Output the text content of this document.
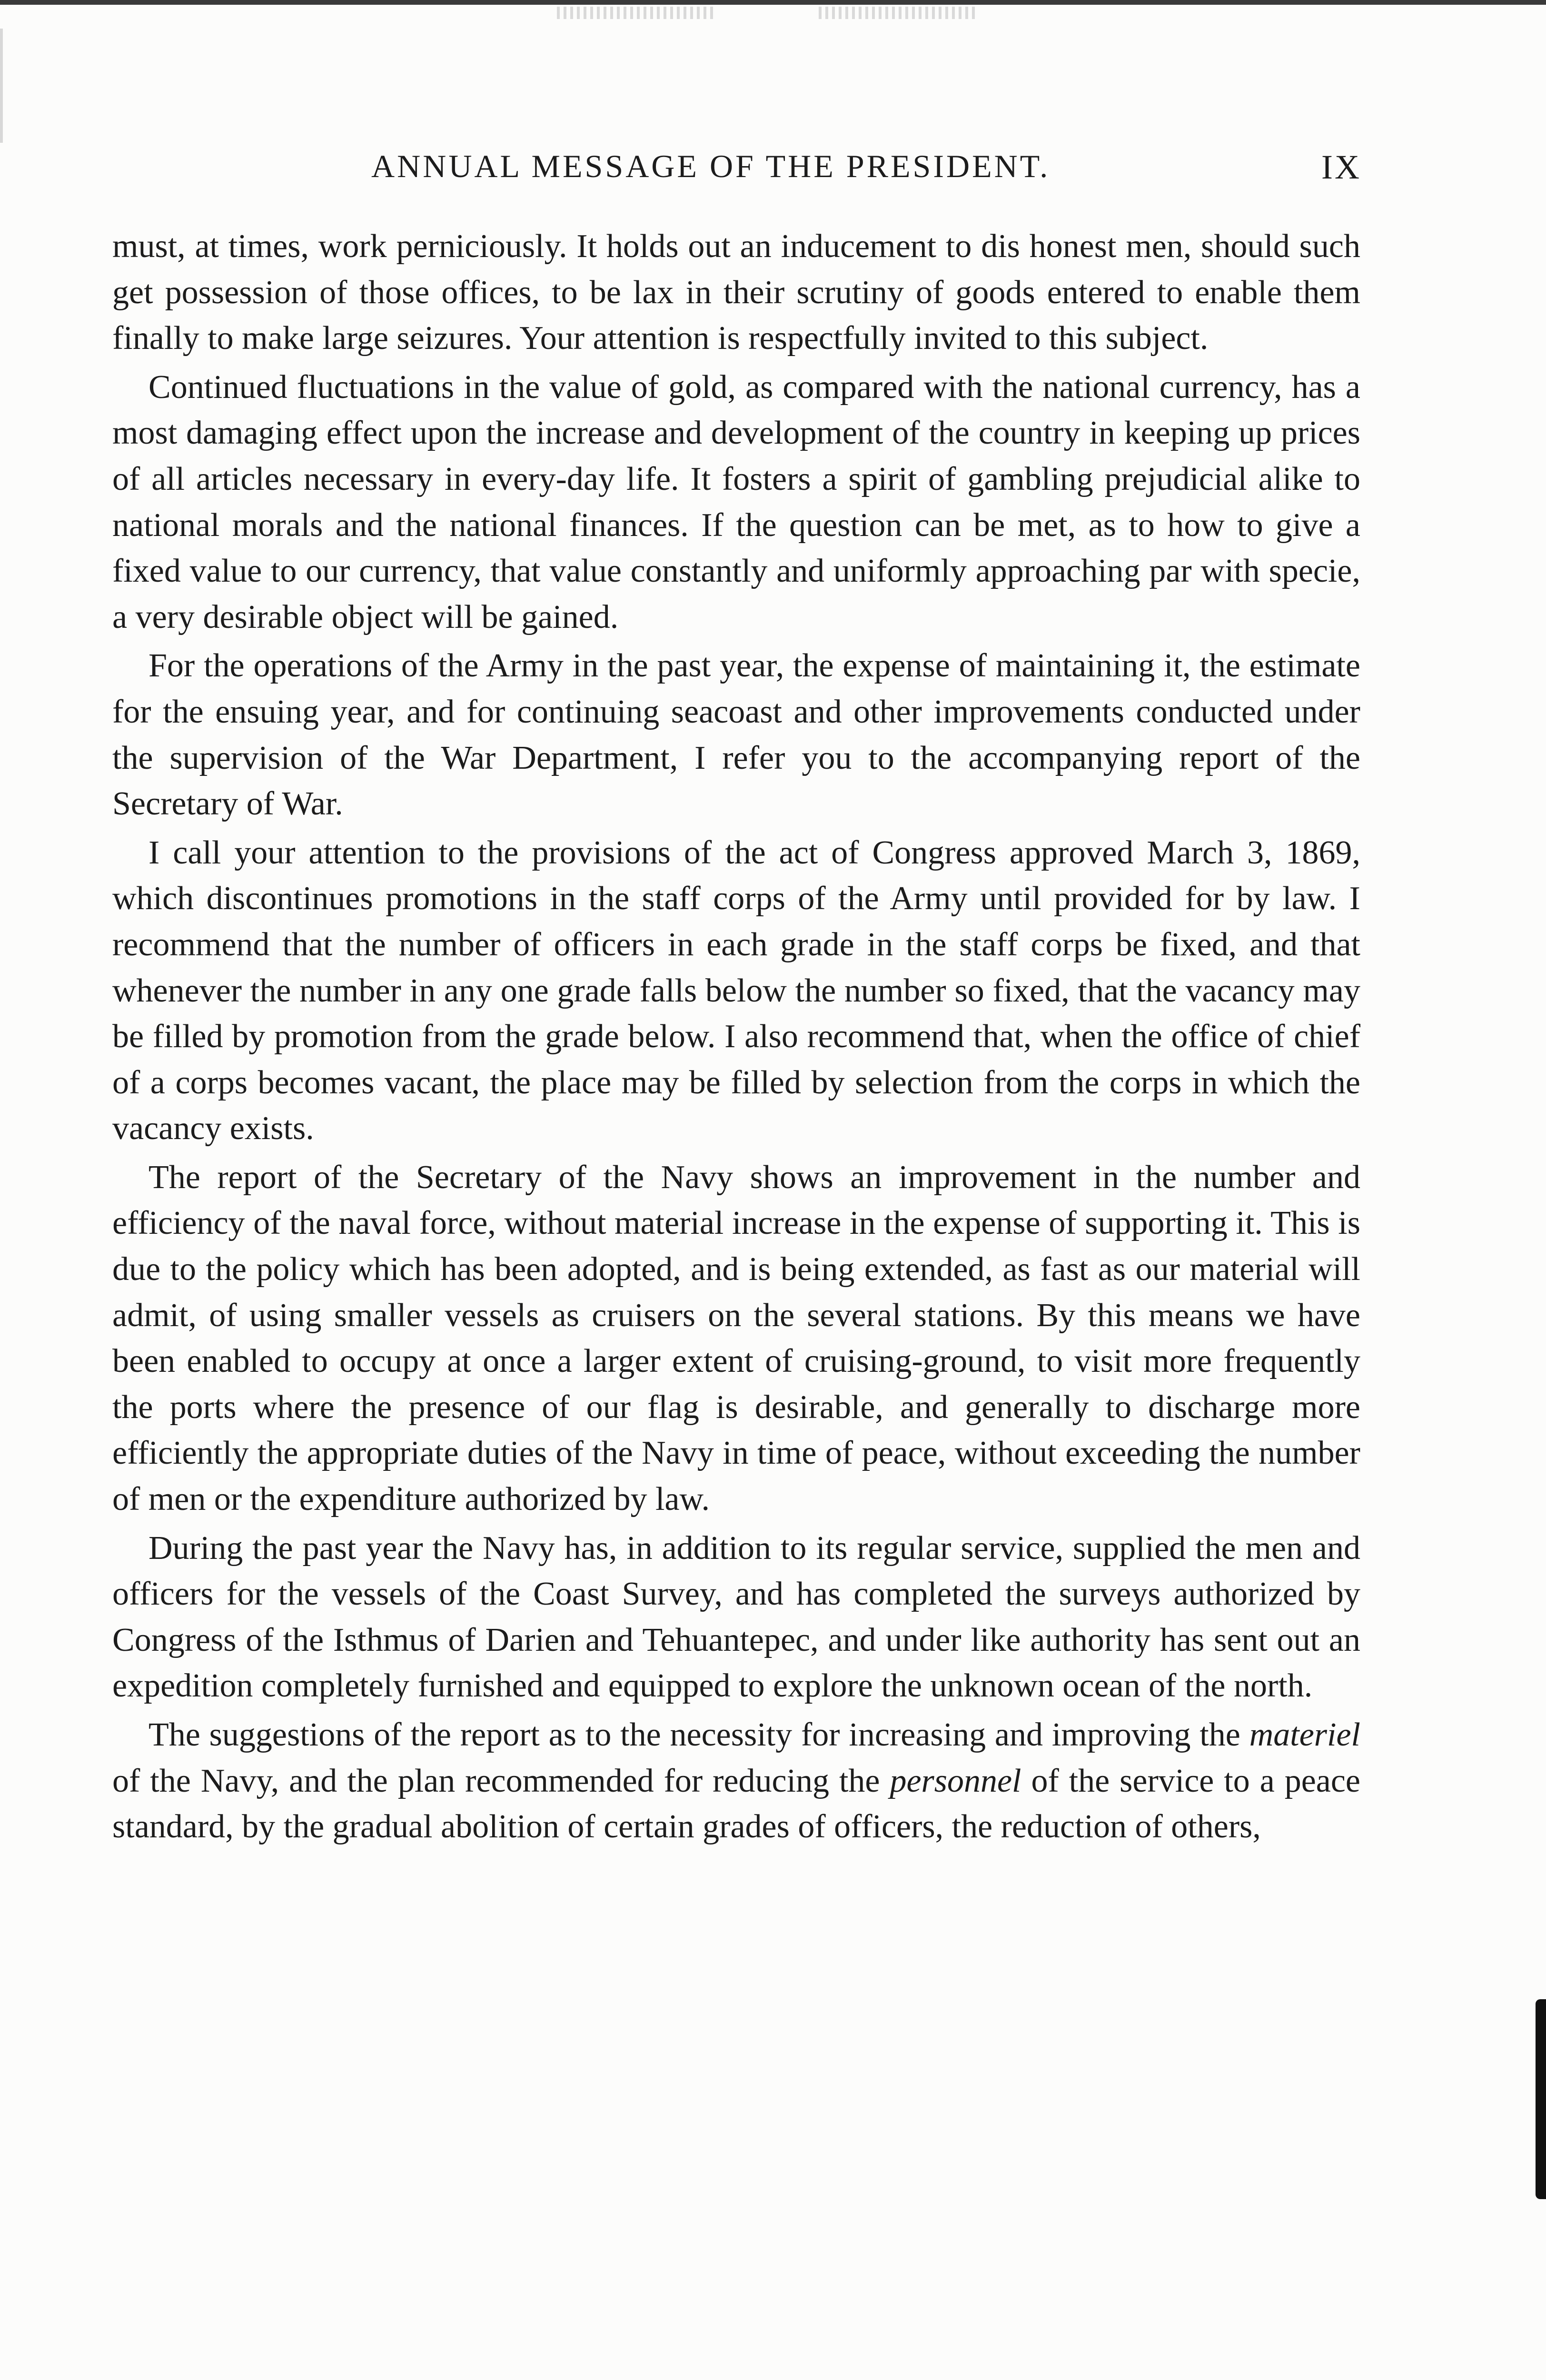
ANNUAL MESSAGE OF THE PRESIDENT.	IX

must, at times, work perniciously. It holds out an inducement to dis honest men, should such get possession of those offices, to be lax in their scrutiny of goods entered to enable them finally to make large seizures. Your attention is respectfully invited to this subject.

Continued fluctuations in the value of gold, as compared with the national currency, has a most damaging effect upon the increase and development of the country in keeping up prices of all articles necessary in every-day life. It fosters a spirit of gambling prejudicial alike to national morals and the national finances. If the question can be met, as to how to give a fixed value to our currency, that value constantly and uniformly approaching par with specie, a very desirable object will be gained.

For the operations of the Army in the past year, the expense of maintaining it, the estimate for the ensuing year, and for continuing seacoast and other improvements conducted under the supervision of the War Department, I refer you to the accompanying report of the Secretary of War.

I call your attention to the provisions of the act of Congress approved March 3, 1869, which discontinues promotions in the staff corps of the Army until provided for by law. I recommend that the number of officers in each grade in the staff corps be fixed, and that whenever the number in any one grade falls below the number so fixed, that the vacancy may be filled by promotion from the grade below. I also recommend that, when the office of chief of a corps becomes vacant, the place may be filled by selection from the corps in which the vacancy exists.

The report of the Secretary of the Navy shows an improvement in the number and efficiency of the naval force, without material increase in the expense of supporting it. This is due to the policy which has been adopted, and is being extended, as fast as our material will admit, of using smaller vessels as cruisers on the several stations. By this means we have been enabled to occupy at once a larger extent of cruising-ground, to visit more frequently the ports where the presence of our flag is desirable, and generally to discharge more efficiently the appropriate duties of the Navy in time of peace, without exceeding the number of men or the expenditure authorized by law.

During the past year the Navy has, in addition to its regular service, supplied the men and officers for the vessels of the Coast Survey, and has completed the surveys authorized by Congress of the Isthmus of Darien and Tehuantepec, and under like authority has sent out an expedition completely furnished and equipped to explore the unknown ocean of the north.

The suggestions of the report as to the necessity for increasing and improving the materiel of the Navy, and the plan recommended for reducing the personnel of the service to a peace standard, by the gradual abolition of certain grades of officers, the reduction of others,
